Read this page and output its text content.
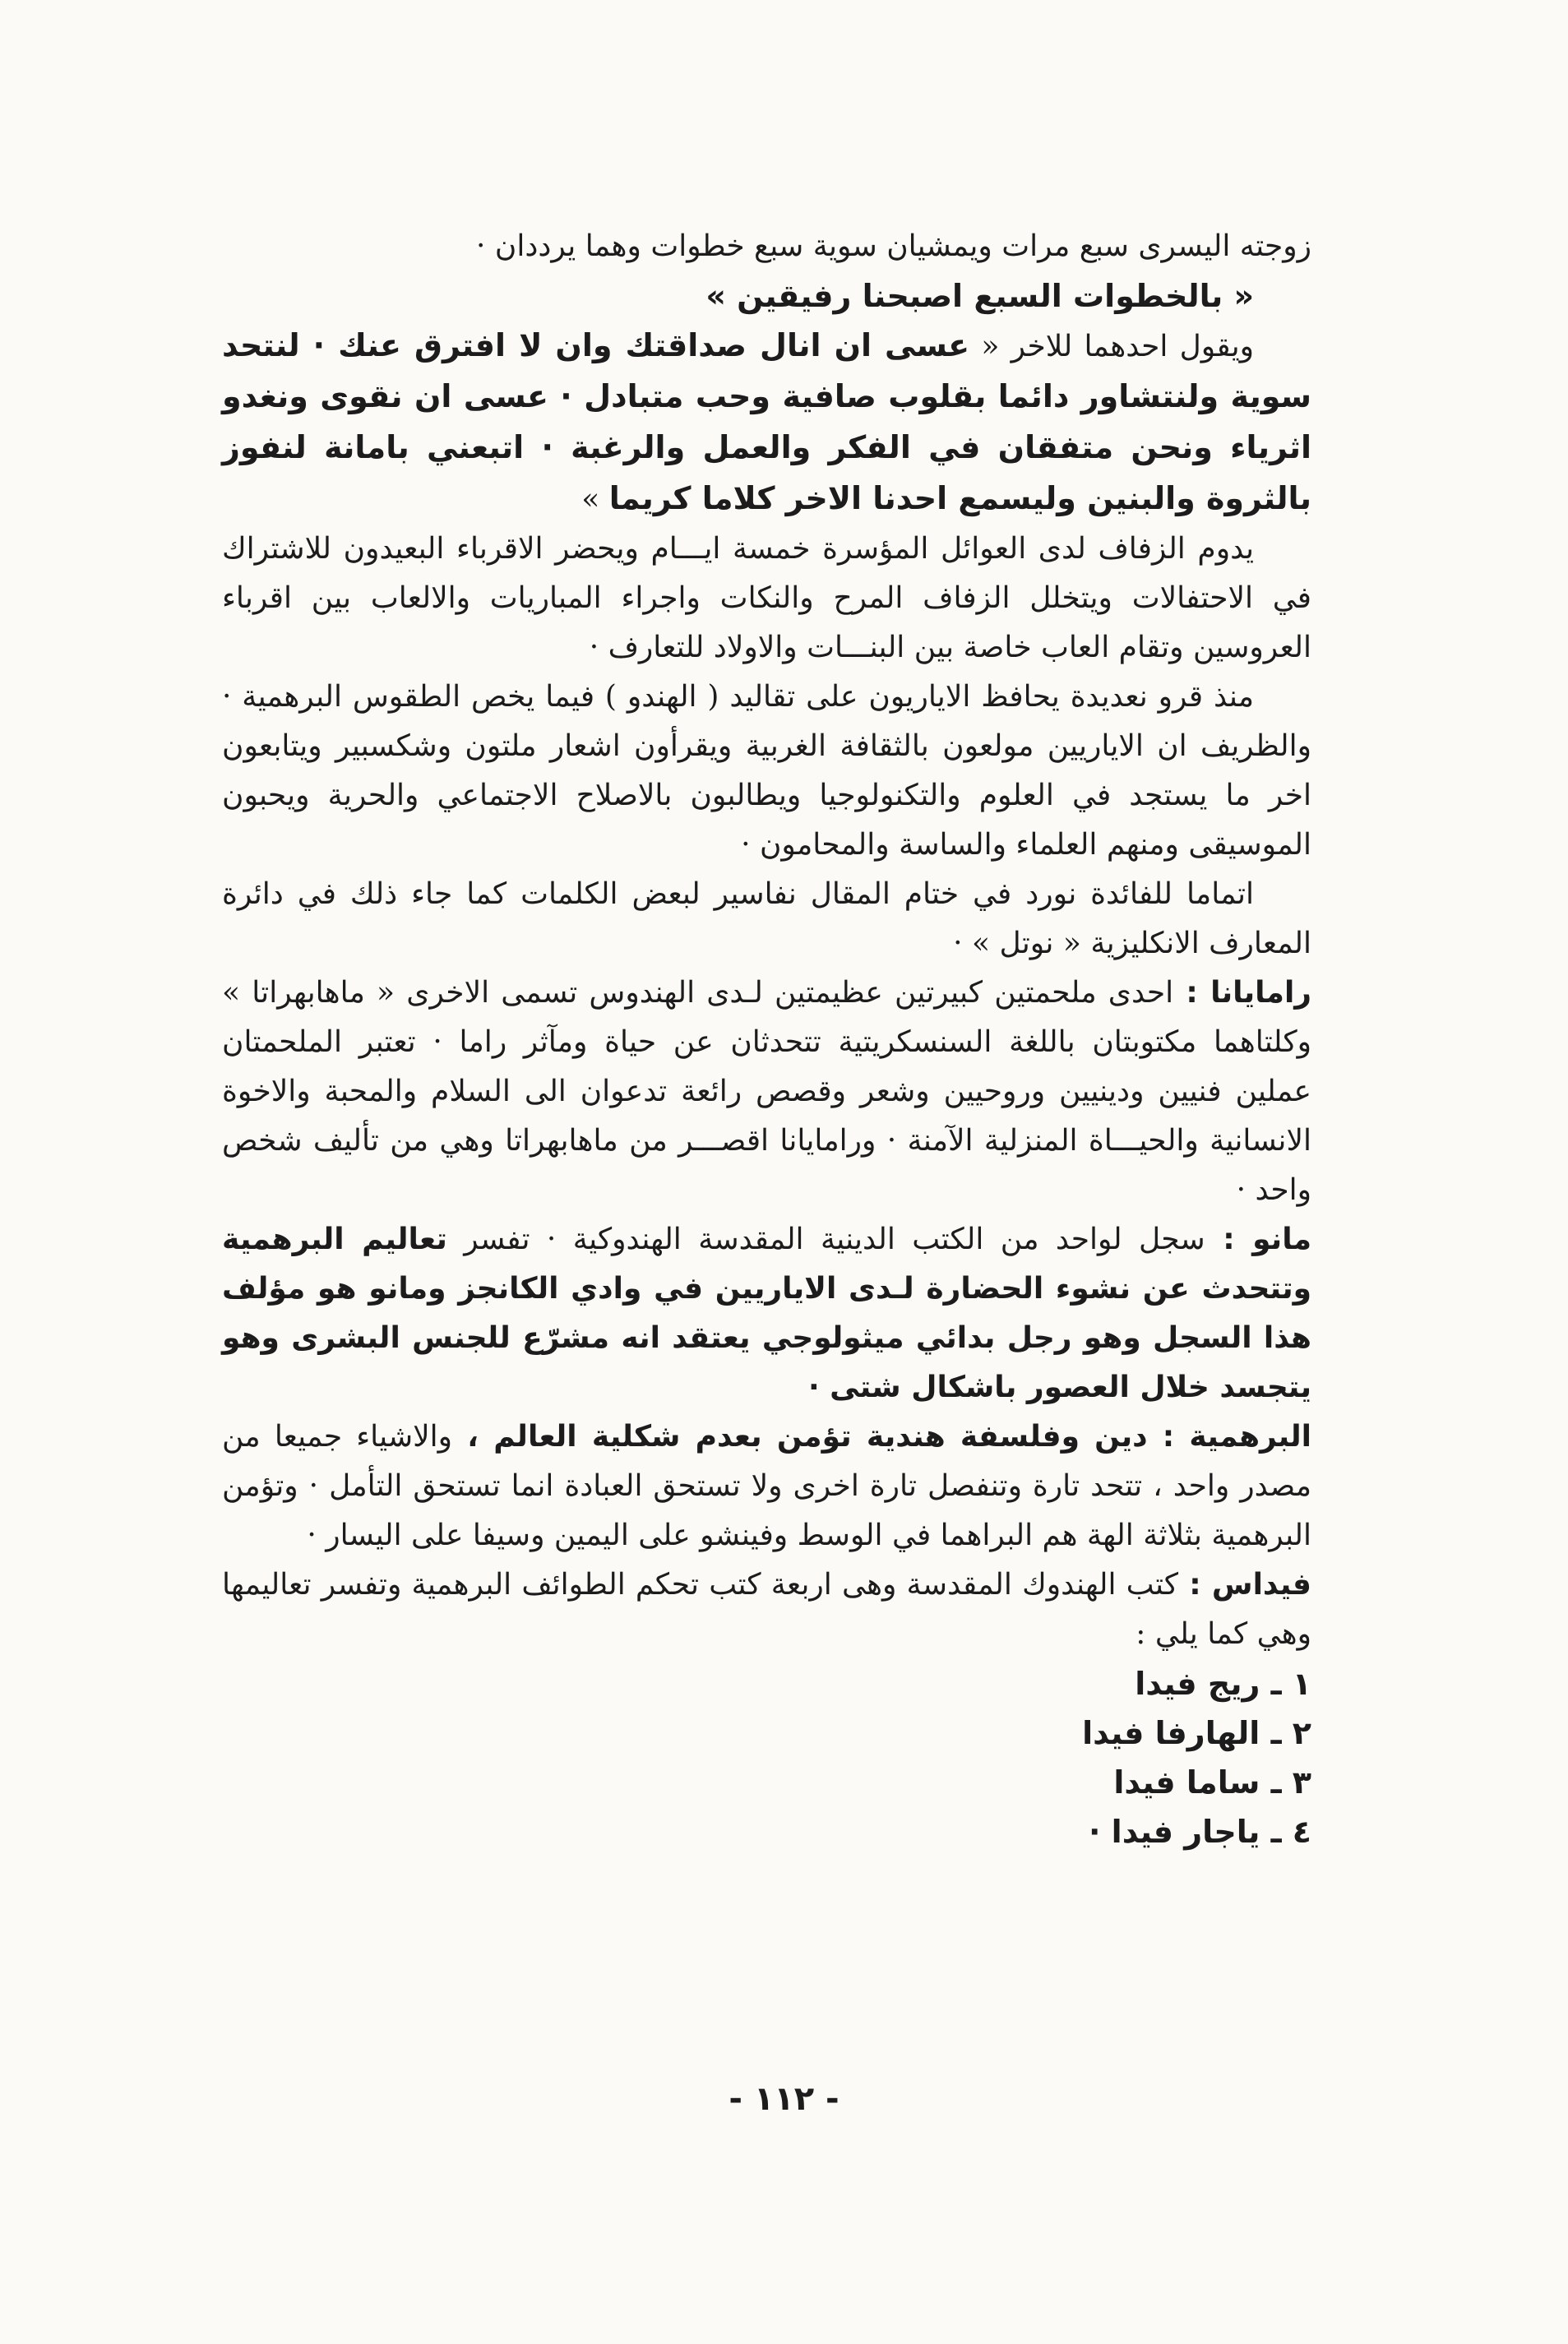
زوجته اليسرى سبع مرات ويمشيان سوية سبع خطوات وهما يرددان ·
« بالخطوات السبع اصبحنا رفيقين »

ويقول احدهما للاخر « عسى ان انال صداقتك وان لا افترق عنك · لنتحد سوية ولنتشاور دائما بقلوب صافية وحب متبادل · عسى ان نقوى ونغدو اثرياء ونحن متفقان في الفكر والعمل والرغبة · اتبعني بامانة لنفوز بالثروة والبنين وليسمع احدنا الاخر كلاما كريما »

يدوم الزفاف لدى العوائل المؤسرة خمسة ايـــام ويحضر الاقرباء البعيدون للاشتراك في الاحتفالات ويتخلل الزفاف المرح والنكات واجراء المباريات والالعاب بين اقرباء العروسين وتقام العاب خاصة بين البنـــات والاولاد للتعارف ·

منذ قرو نعديدة يحافظ الاياريون على تقاليد ( الهندو ) فيما يخص الطقوس البرهمية · والظريف ان الاياريين مولعون بالثقافة الغربية ويقرأون اشعار ملتون وشكسبير ويتابعون اخر ما يستجد في العلوم والتكنولوجيا ويطالبون بالاصلاح الاجتماعي والحرية ويحبون الموسيقى ومنهم العلماء والساسة والمحامون ·

اتماما للفائدة نورد في ختام المقال نفاسير لبعض الكلمات كما جاء ذلك في دائرة المعارف الانكليزية « نوتل » ·

رامايانا : احدى ملحمتين كبيرتين عظيمتين لـدى الهندوس تسمى الاخرى « ماهابهراتا » وكلتاهما مكتوبتان باللغة السنسكريتية تتحدثان عن حياة ومآثر راما · تعتبر الملحمتان عملين فنيين ودينيين وروحيين وشعر وقصص رائعة تدعوان الى السلام والمحبة والاخوة الانسانية والحيـــاة المنزلية الآمنة · ورامايانا اقصـــر من ماهابهراتا وهي من تأليف شخص واحد ·

مانو : سجل لواحد من الكتب الدينية المقدسة الهندوكية · تفسر تعاليم البرهمية وتتحدث عن نشوء الحضارة لـدى الاياريين في وادي الكانجز ومانو هو مؤلف هذا السجل وهو رجل بدائي ميثولوجي يعتقد انه مشرّع للجنس البشرى وهو يتجسد خلال العصور باشكال شتى ·

البرهمية : دين وفلسفة هندية تؤمن بعدم شكلية العالم ، والاشياء جميعا من مصدر واحد ، تتحد تارة وتنفصل تارة اخرى ولا تستحق العبادة انما تستحق التأمل · وتؤمن البرهمية بثلاثة الهة هم البراهما في الوسط وفينشو على اليمين وسيفا على اليسار ·

فيداس : كتب الهندوك المقدسة وهى اربعة كتب تحكم الطوائف البرهمية وتفسر تعاليمها وهي كما يلي :

١ ـ ريج فيدا
٢ ـ الهارفا فيدا
٣ ـ ساما فيدا
٤ ـ ياجار فيدا ·
- ١١٢ -
